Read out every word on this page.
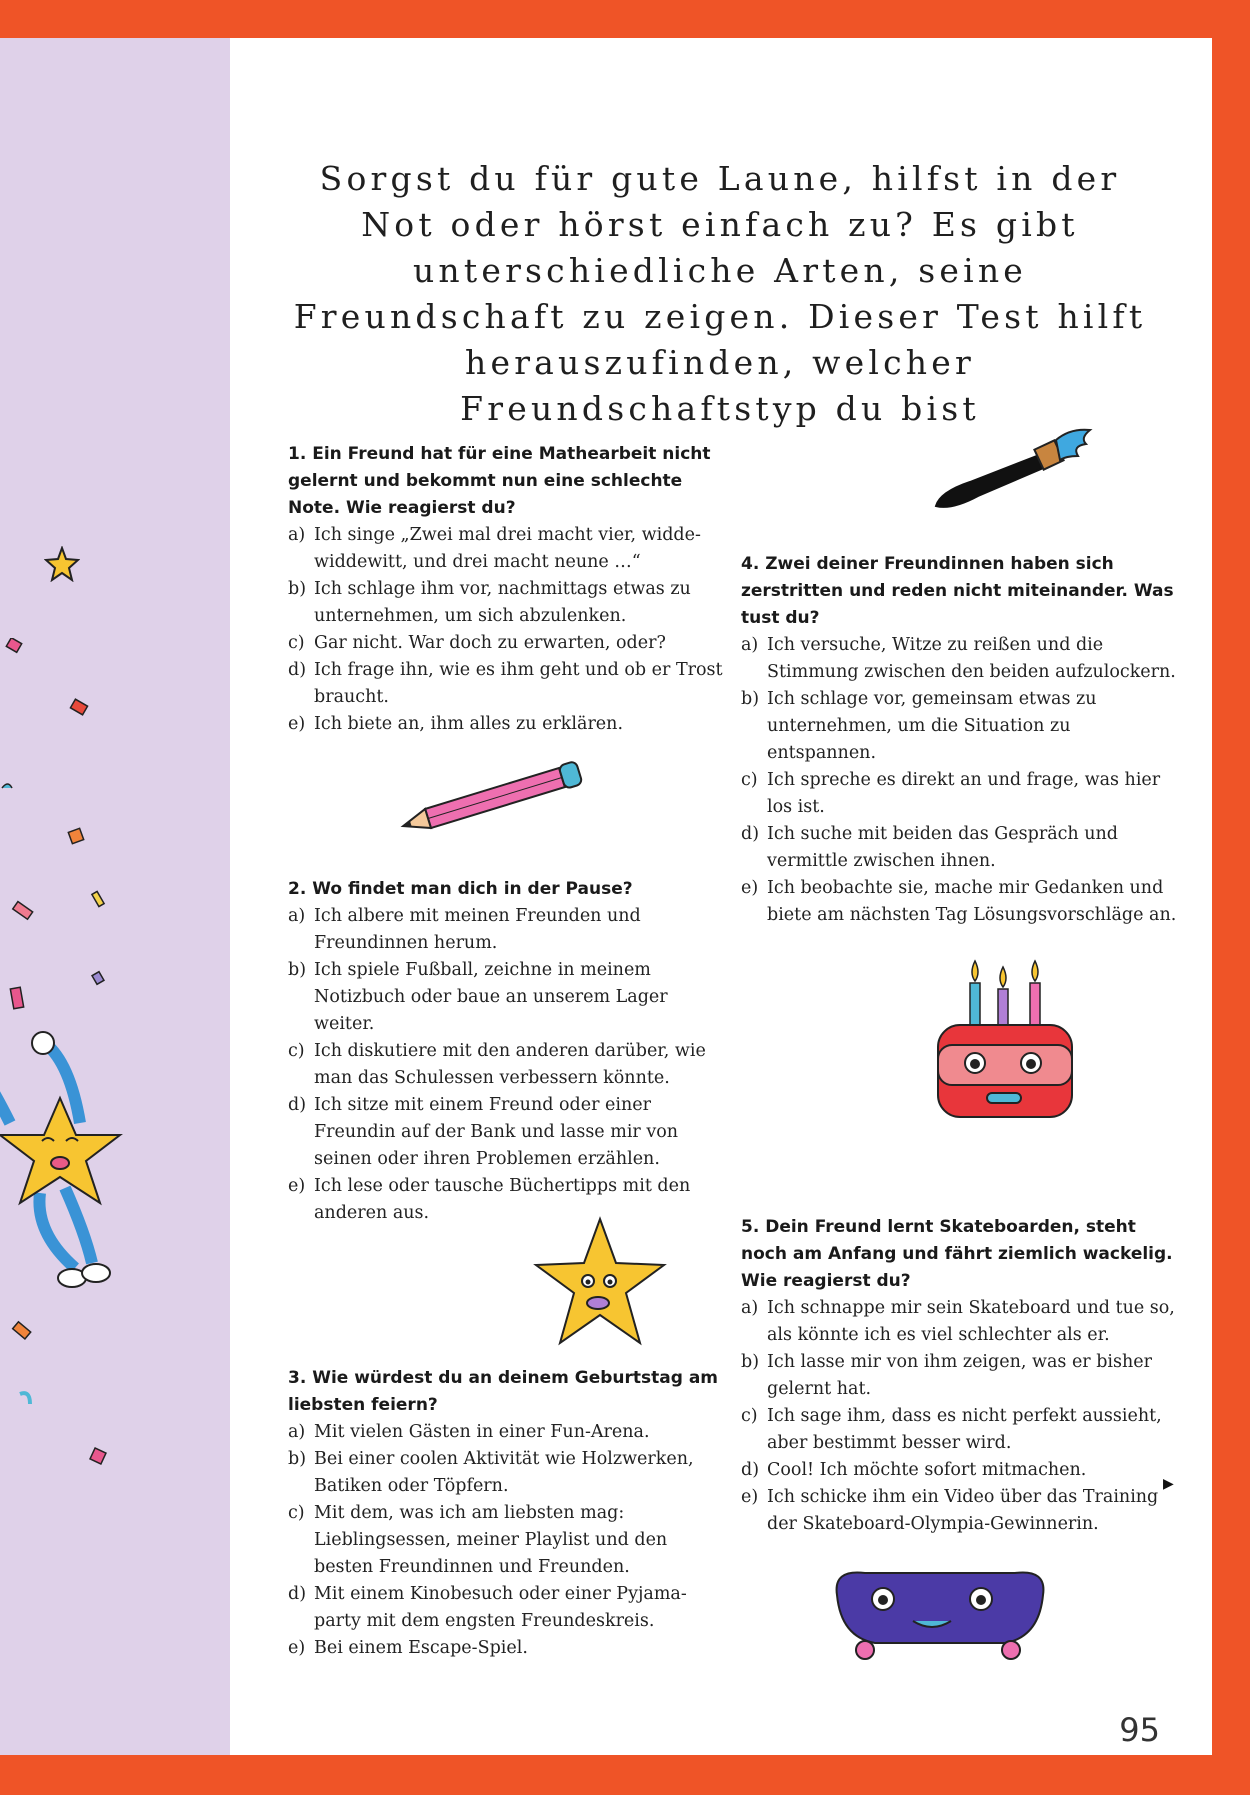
Sorgst du für gute Laune, hilfst in der Not oder hörst einfach zu? Es gibt unterschiedliche Arten, seine Freundschaft zu zeigen. Dieser Test hilft herauszufinden, welcher Freundschaftstyp du bist

1. Ein Freund hat für eine Mathearbeit nicht gelernt und bekommt nun eine schlechte Note. Wie reagierst du?
a) Ich singe „Zwei mal drei macht vier, widde-widdewitt, und drei macht neune …“
b) Ich schlage ihm vor, nachmittags etwas zu unternehmen, um sich abzulenken.
c) Gar nicht. War doch zu erwarten, oder?
d) Ich frage ihn, wie es ihm geht und ob er Trost braucht.
e) Ich biete an, ihm alles zu erklären.
2. Wo findet man dich in der Pause?
a) Ich albere mit meinen Freunden und Freundinnen herum.
b) Ich spiele Fußball, zeichne in meinem Notizbuch oder baue an unserem Lager weiter.
c) Ich diskutiere mit den anderen darüber, wie man das Schulessen verbessern könnte.
d) Ich sitze mit einem Freund oder einer Freundin auf der Bank und lasse mir von seinen oder ihren Problemen erzählen.
e) Ich lese oder tausche Büchertipps mit den anderen aus.
3. Wie würdest du an deinem Geburtstag am liebsten feiern?
a) Mit vielen Gästen in einer Fun-Arena.
b) Bei einer coolen Aktivität wie Holzwerken, Batiken oder Töpfern.
c) Mit dem, was ich am liebsten mag: Lieblingsessen, meiner Playlist und den besten Freundinnen und Freunden.
d) Mit einem Kinobesuch oder einer Pyjama-party mit dem engsten Freundeskreis.
e) Bei einem Escape-Spiel.
4. Zwei deiner Freundinnen haben sich zerstritten und reden nicht miteinander. Was tust du?
a) Ich versuche, Witze zu reißen und die Stimmung zwischen den beiden aufzulockern.
b) Ich schlage vor, gemeinsam etwas zu unternehmen, um die Situation zu entspannen.
c) Ich spreche es direkt an und frage, was hier los ist.
d) Ich suche mit beiden das Gespräch und vermittle zwischen ihnen.
e) Ich beobachte sie, mache mir Gedanken und biete am nächsten Tag Lösungsvorschläge an.
5. Dein Freund lernt Skateboarden, steht noch am Anfang und fährt ziemlich wackelig. Wie reagierst du?
a) Ich schnappe mir sein Skateboard und tue so, als könnte ich es viel schlechter als er.
b) Ich lasse mir von ihm zeigen, was er bisher gelernt hat.
c) Ich sage ihm, dass es nicht perfekt aussieht, aber bestimmt besser wird.
d) Cool! Ich möchte sofort mitmachen.
e) Ich schicke ihm ein Video über das Training der Skateboard-Olympia-Gewinnerin.
▶
95
